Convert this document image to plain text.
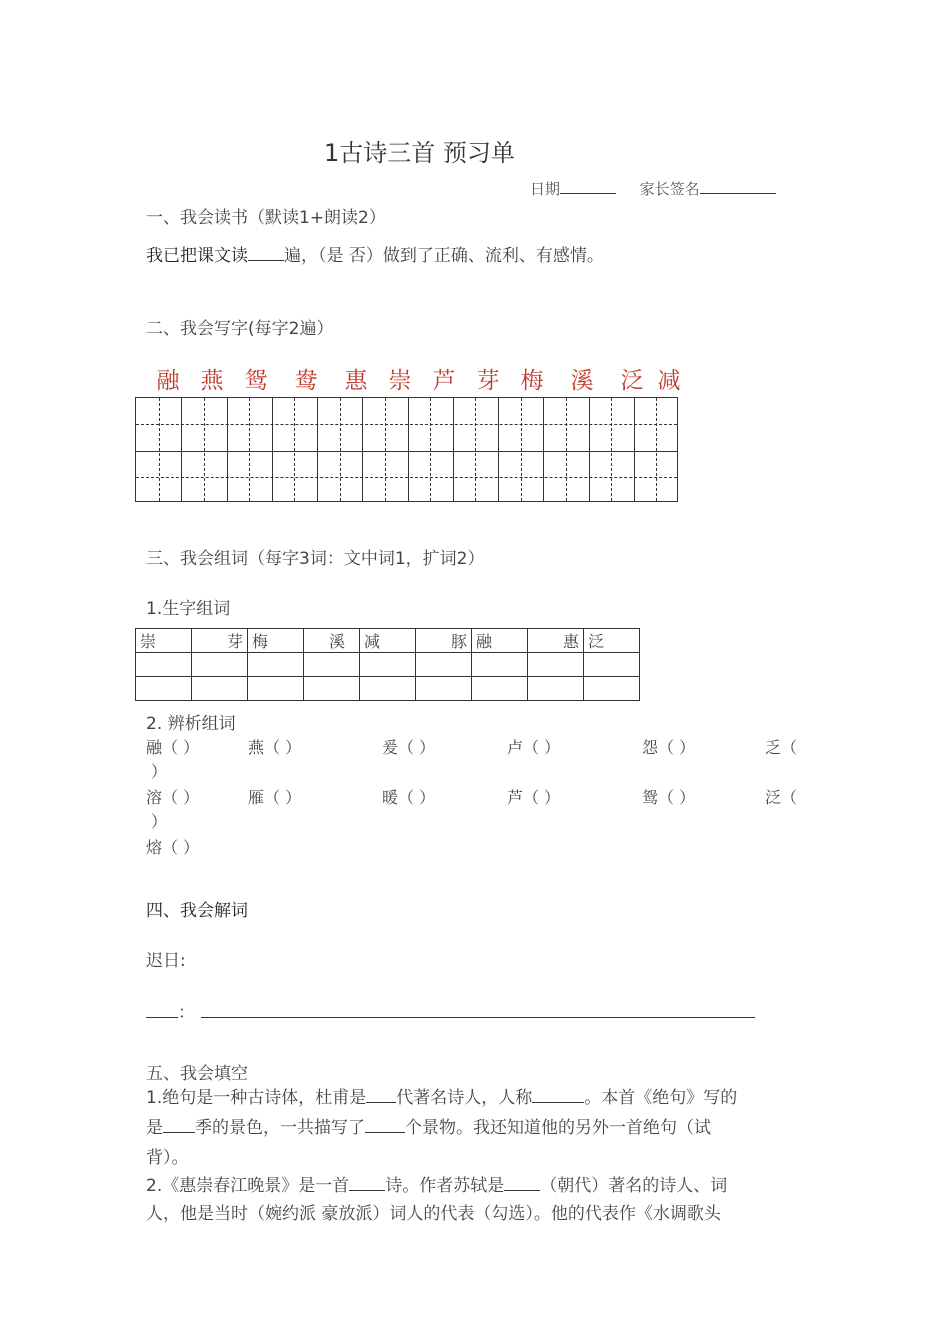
1古诗三首 预习单
日期	家长签名
一、我会读书（默读1+朗读2）
我已把课文读 遍，（是 否）做到了正确、流利、有感情。
二、我会写字(每字2遍）
融 燕 鸳 鸯 惠 崇 芦 芽 梅 溪 泛 减
三、我会组词（每字3词：文中词1，扩词2）
1.生字组词
崇	芽	梅	溪	减	豚	融	惠	泛

2. 辨析组词
融（ ）	燕（ ）	爰（ ）	卢（ ）	怨（ ）	乏（
）
溶（ ）	雁（ ）	暖（ ）	芦（ ）	鸳（ ）	泛（
）
熔（ ）
四、我会解词
迟日:
：
五、我会填空
1.绝句是一种古诗体，杜甫是 代著名诗人，人称	。本首《绝句》写的
是 季的景色，一共描写了 个景物。我还知道他的另外一首绝句（试
背）。
2.《惠崇春江晚景》是一首 诗。作者苏轼是 （朝代）著名的诗人、词
人，他是当时（婉约派 豪放派）词人的代表（勾选）。他的代表作《水调歌头
